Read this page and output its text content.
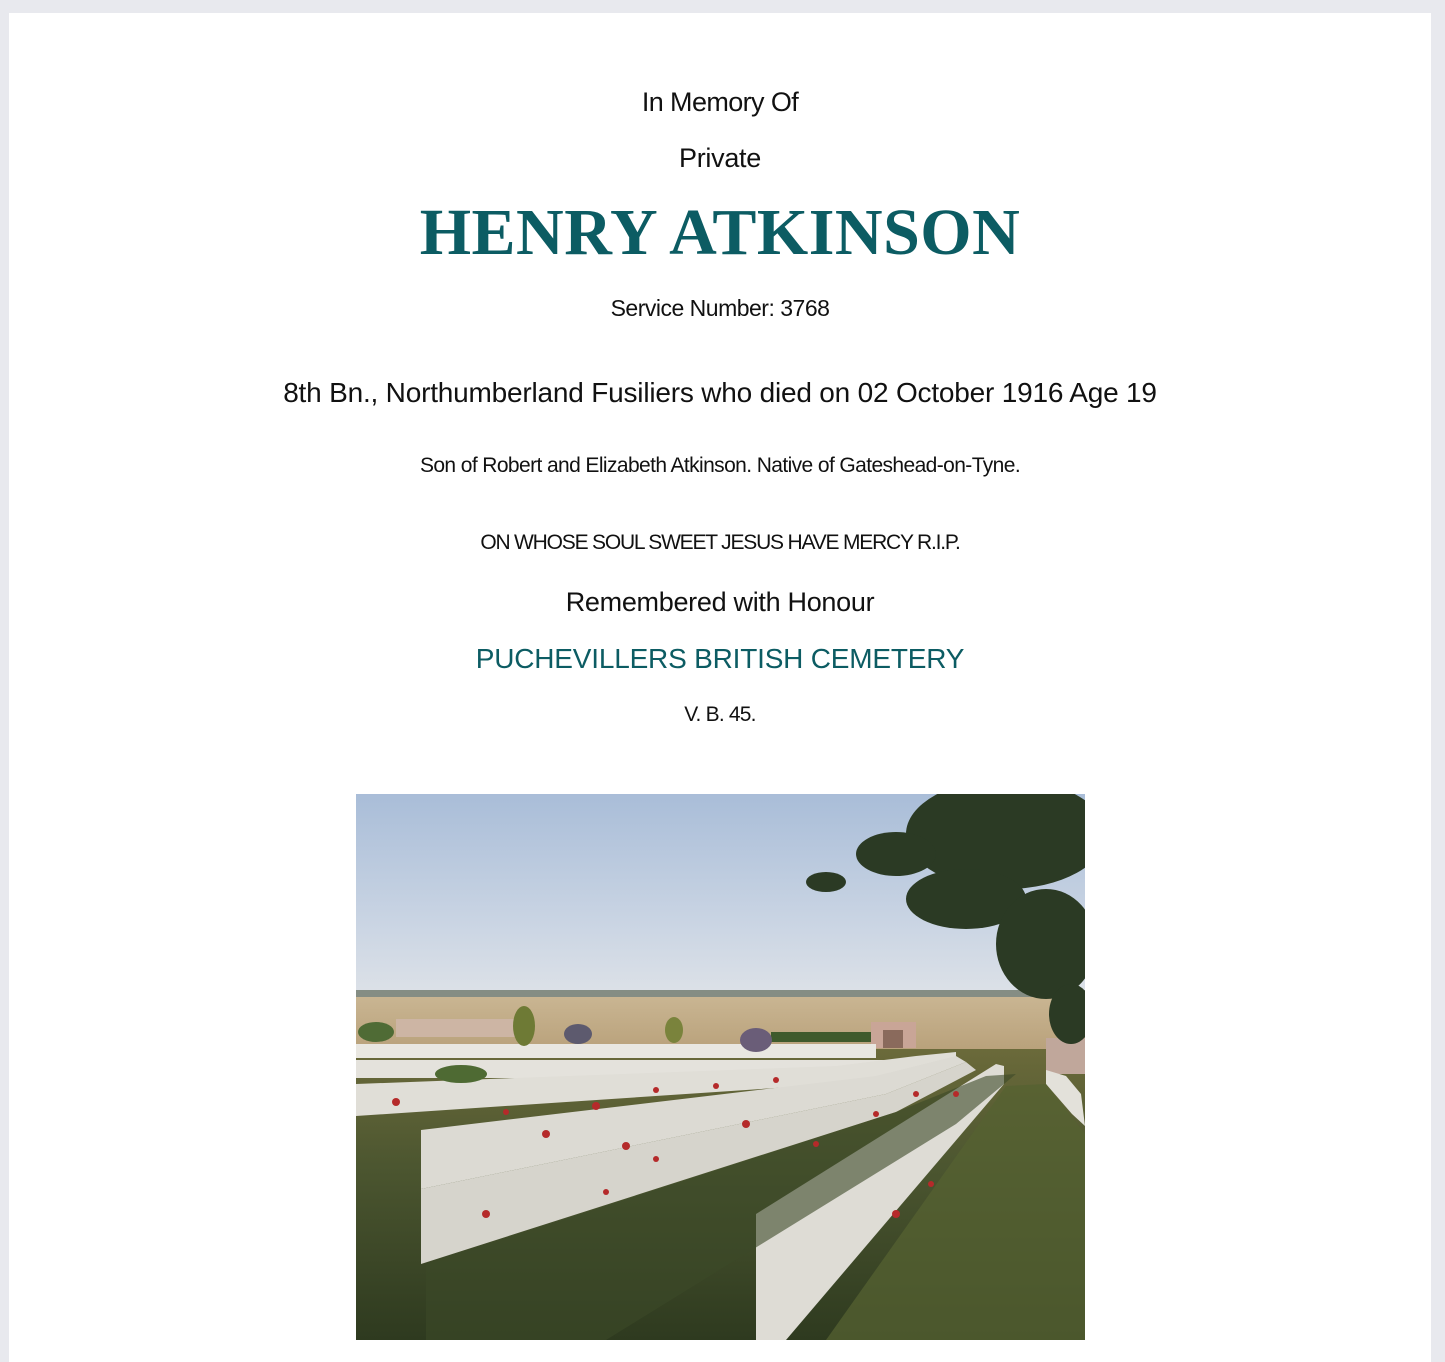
In Memory Of
Private
HENRY ATKINSON
Service Number: 3768
8th Bn., Northumberland Fusiliers who died on 02 October 1916 Age 19
Son of Robert and Elizabeth Atkinson. Native of Gateshead-on-Tyne.
ON WHOSE SOUL SWEET JESUS HAVE MERCY R.I.P.
Remembered with Honour
PUCHEVILLERS BRITISH CEMETERY
V. B. 45.
